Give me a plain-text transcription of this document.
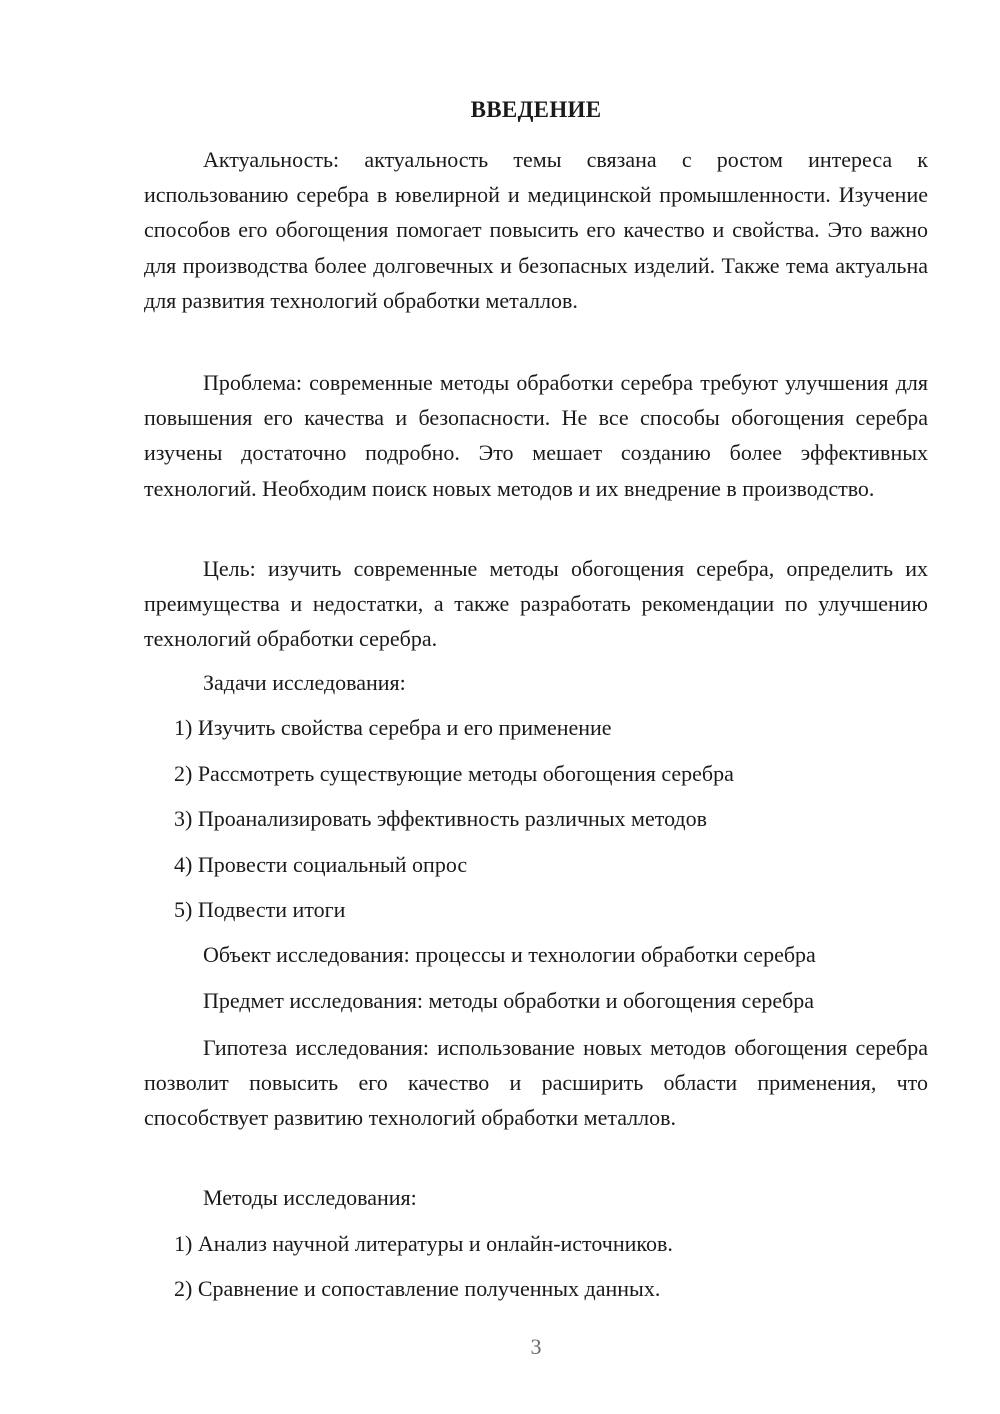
ВВЕДЕНИЕ

Актуальность: актуальность темы связана с ростом интереса к использованию серебра в ювелирной и медицинской промышленности. Изучение способов его обогощения помогает повысить его качество и свойства. Это важно для производства более долговечных и безопасных изделий. Также тема актуальна для развития технологий обработки металлов.

Проблема: современные методы обработки серебра требуют улучшения для повышения его качества и безопасности. Не все способы обогощения серебра изучены достаточно подробно. Это мешает созданию более эффективных технологий. Необходим поиск новых методов и их внедрение в производство.

Цель: изучить современные методы обогощения серебра, определить их преимущества и недостатки, а также разработать рекомендации по улучшению технологий обработки серебра.

Задачи исследования:

1) Изучить свойства серебра и его применение

2) Рассмотреть существующие методы обогощения серебра

3) Проанализировать эффективность различных методов

4) Провести социальный опрос

5) Подвести итоги

Объект исследования: процессы и технологии обработки серебра

Предмет исследования: методы обработки и обогощения серебра

Гипотеза исследования: использование новых методов обогощения серебра позволит повысить его качество и расширить области применения, что способствует развитию технологий обработки металлов.

Методы исследования:

1) Анализ научной литературы и онлайн-источников.

2) Сравнение и сопоставление полученных данных.

3
